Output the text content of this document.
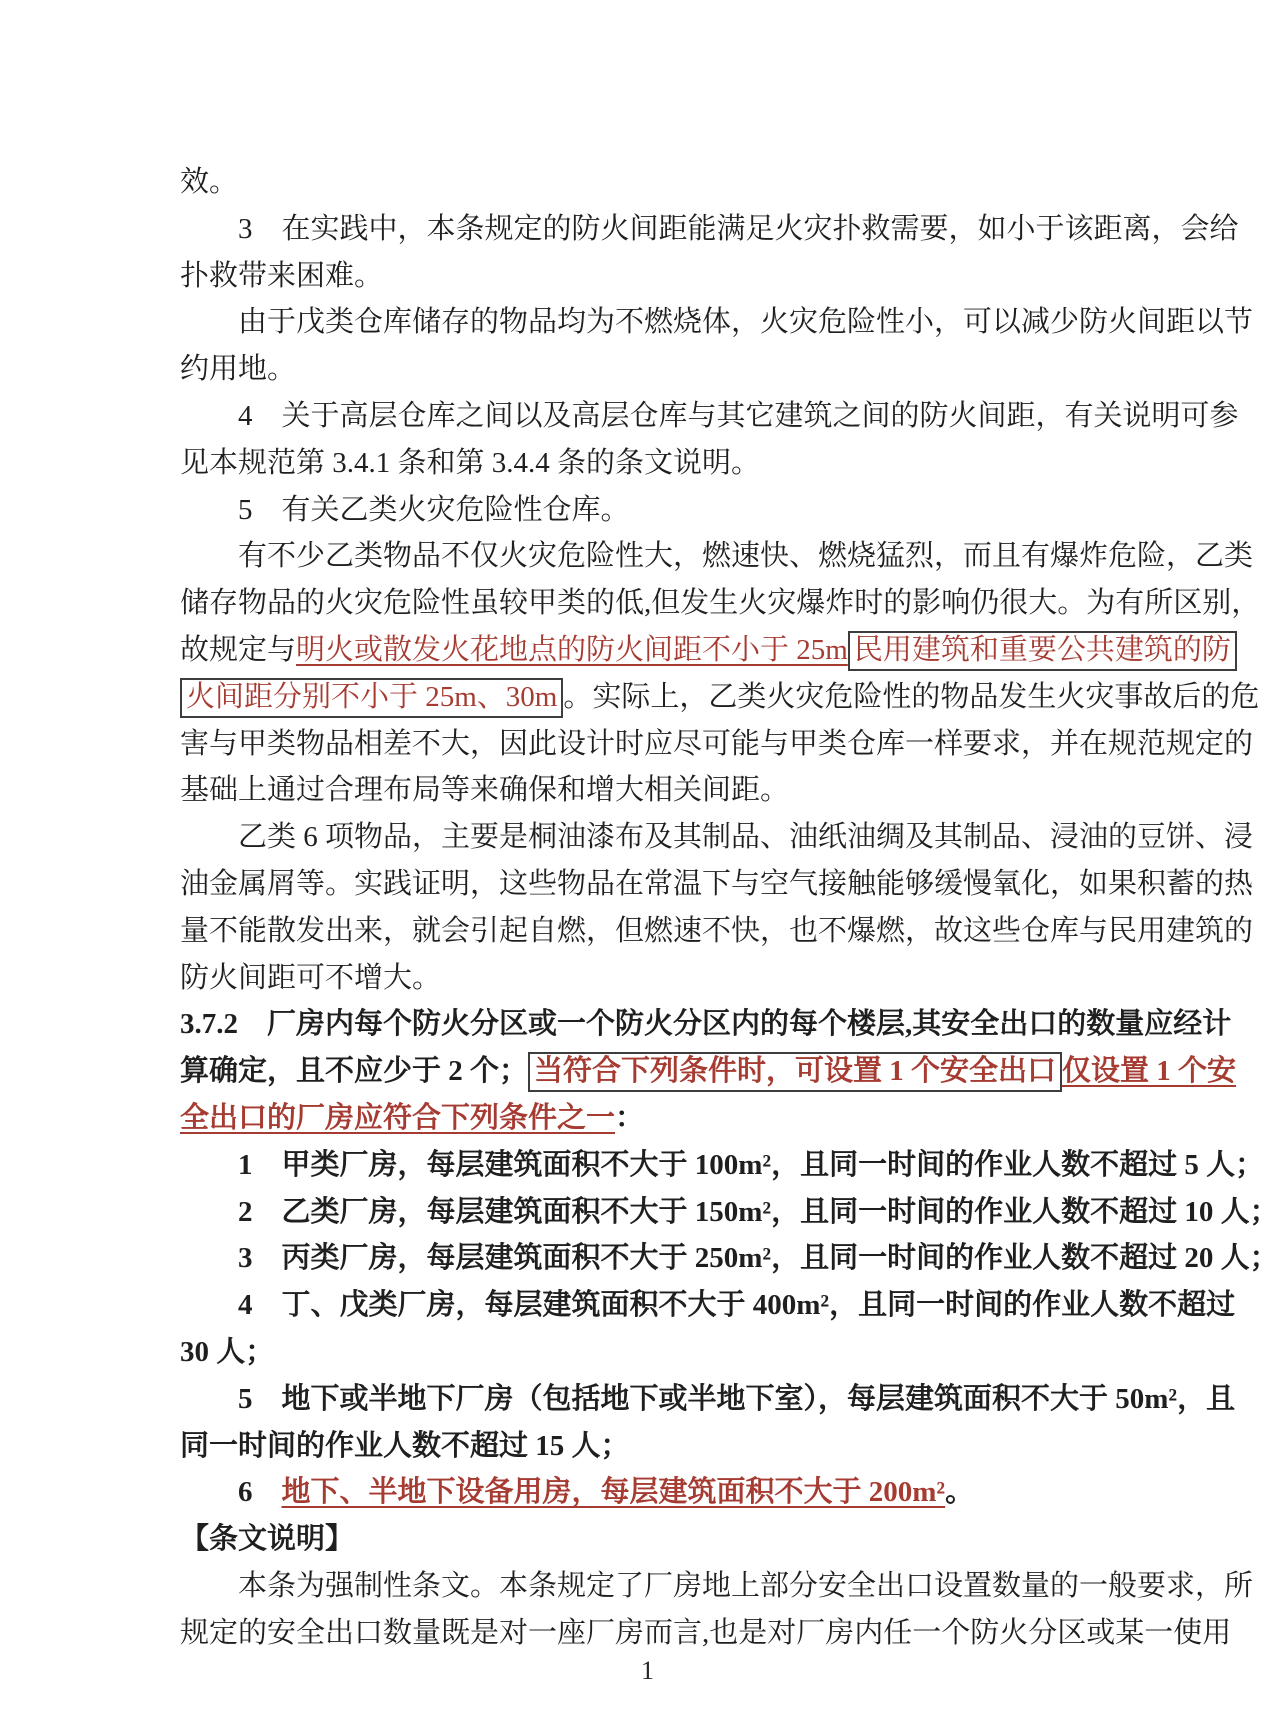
效。
3　在实践中，本条规定的防火间距能满足火灾扑救需要，如小于该距离，会给
扑救带来困难。
由于戊类仓库储存的物品均为不燃烧体，火灾危险性小，可以减少防火间距以节
约用地。
4　关于高层仓库之间以及高层仓库与其它建筑之间的防火间距，有关说明可参
见本规范第 3.4.1 条和第 3.4.4 条的条文说明。
5　有关乙类火灾危险性仓库。
有不少乙类物品不仅火灾危险性大，燃速快、燃烧猛烈，而且有爆炸危险，乙类
储存物品的火灾危险性虽较甲类的低,但发生火灾爆炸时的影响仍很大。为有所区别，
故规定与明火或散发火花地点的防火间距不小于 25m 民用建筑和重要公共建筑的防
火间距分别不小于 25m、30m 。实际上，乙类火灾危险性的物品发生火灾事故后的危
害与甲类物品相差不大，因此设计时应尽可能与甲类仓库一样要求，并在规范规定的
基础上通过合理布局等来确保和增大相关间距。
乙类 6 项物品，主要是桐油漆布及其制品、油纸油绸及其制品、浸油的豆饼、浸
油金属屑等。实践证明，这些物品在常温下与空气接触能够缓慢氧化，如果积蓄的热
量不能散发出来，就会引起自燃，但燃速不快，也不爆燃，故这些仓库与民用建筑的
防火间距可不增大。
3.7.2　厂房内每个防火分区或一个防火分区内的每个楼层,其安全出口的数量应经计
算确定，且不应少于 2 个； 当符合下列条件时，可设置 1 个安全出口 仅设置 1 个安
全出口的厂房应符合下列条件之一：
1　甲类厂房，每层建筑面积不大于 100m²，且同一时间的作业人数不超过 5 人；
2　乙类厂房，每层建筑面积不大于 150m²，且同一时间的作业人数不超过 10 人；
3　丙类厂房，每层建筑面积不大于 250m²，且同一时间的作业人数不超过 20 人；
4　丁、戊类厂房，每层建筑面积不大于 400m²，且同一时间的作业人数不超过
30 人；
5　地下或半地下厂房（包括地下或半地下室），每层建筑面积不大于 50m²，且
同一时间的作业人数不超过 15 人；
6　地下、半地下设备用房，每层建筑面积不大于 200m²。
【条文说明】
本条为强制性条文。本条规定了厂房地上部分安全出口设置数量的一般要求，所
规定的安全出口数量既是对一座厂房而言,也是对厂房内任一个防火分区或某一使用
1
